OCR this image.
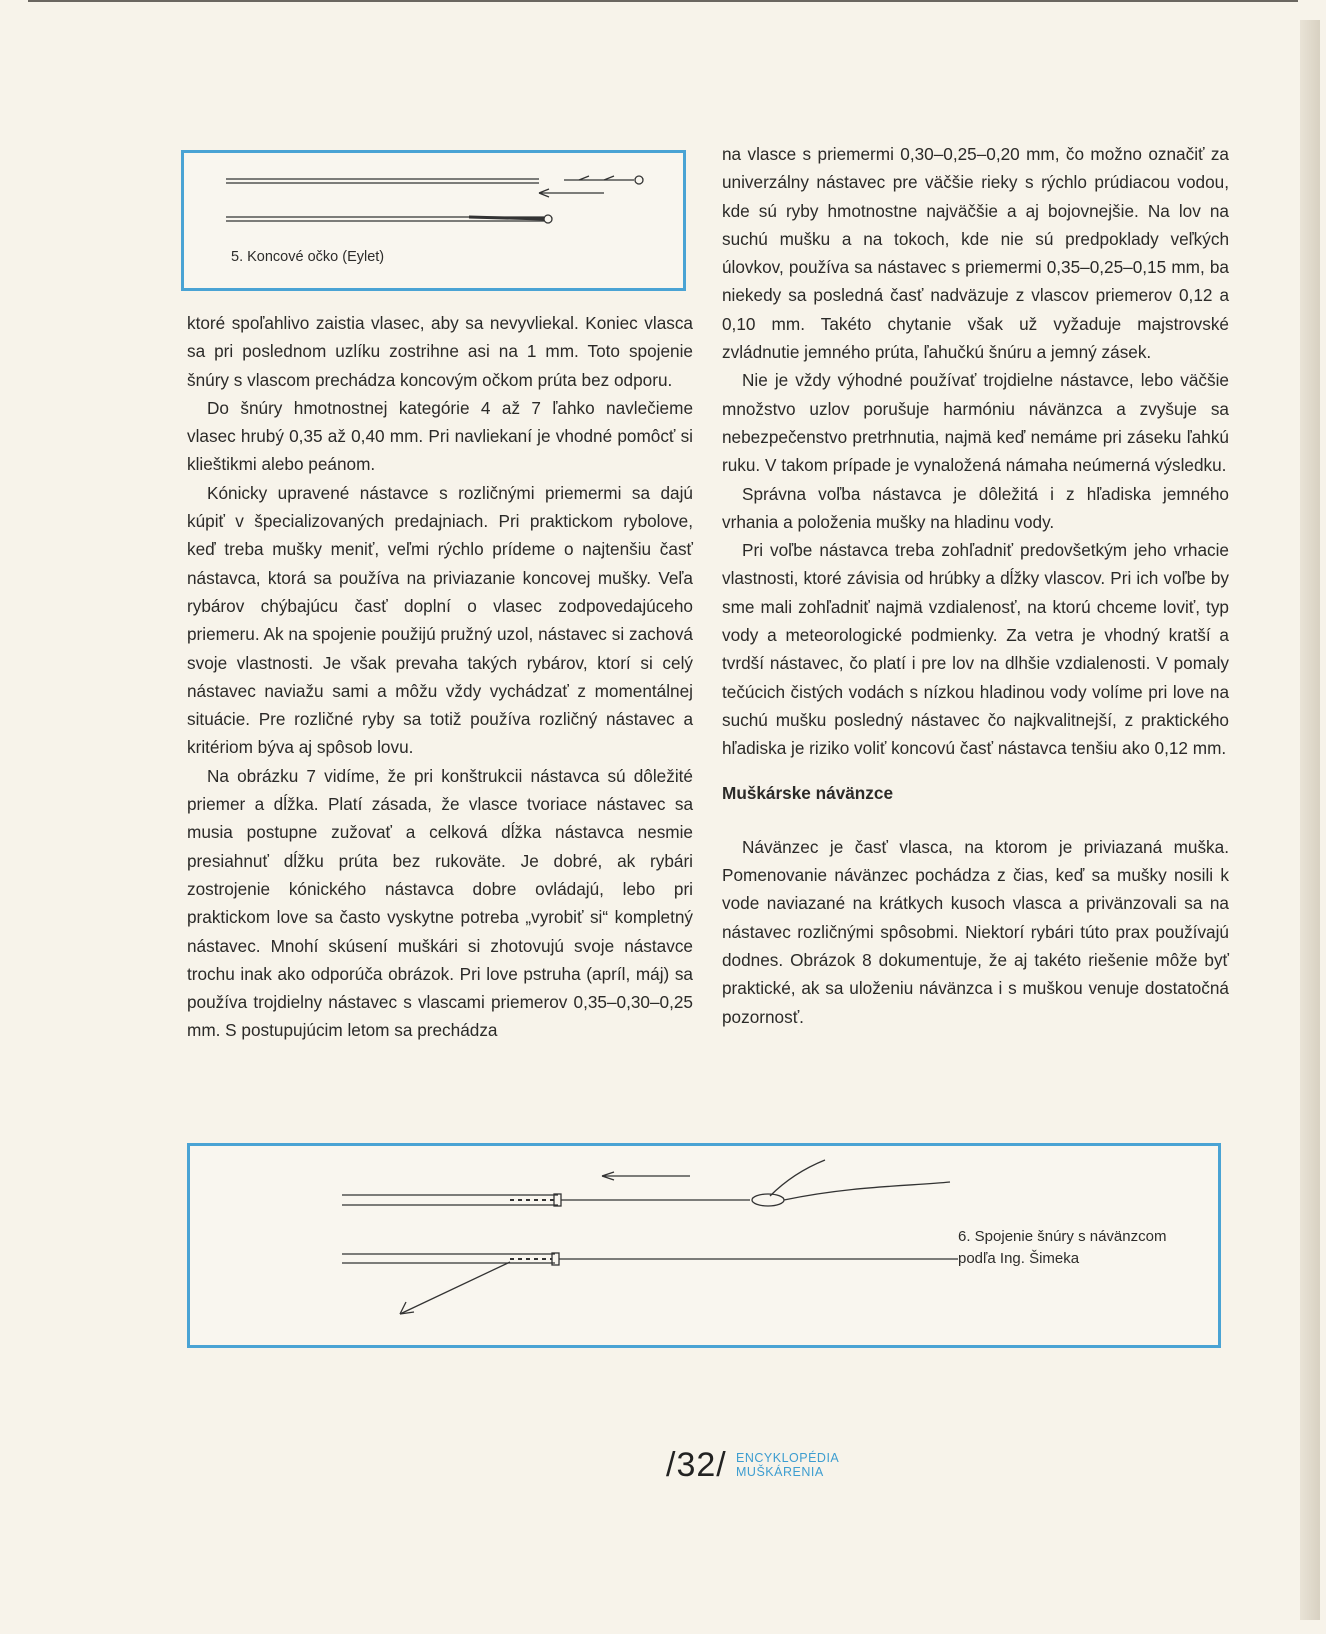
5. Koncové očko (Eylet)

ktoré spoľahlivo zaistia vlasec, aby sa nevyvliekal. Koniec vlasca sa pri poslednom uzlíku zostrihne asi na 1 mm. Toto spojenie šnúry s vlascom prechádza koncovým očkom prúta bez odporu.

Do šnúry hmotnostnej kategórie 4 až 7 ľahko navlečieme vlasec hrubý 0,35 až 0,40 mm. Pri navliekaní je vhodné pomôcť si klieštikmi alebo peánom.

Kónicky upravené nástavce s rozličnými priemermi sa dajú kúpiť v špecializovaných predajniach. Pri praktickom rybolove, keď treba mušky meniť, veľmi rýchlo prídeme o najtenšiu časť nástavca, ktorá sa používa na priviazanie koncovej mušky. Veľa rybárov chýbajúcu časť doplní o vlasec zodpovedajúceho priemeru. Ak na spojenie použijú pružný uzol, nástavec si zachová svoje vlastnosti. Je však prevaha takých rybárov, ktorí si celý nástavec naviažu sami a môžu vždy vychádzať z momentálnej situácie. Pre rozličné ryby sa totiž používa rozličný nástavec a kritériom býva aj spôsob lovu.

Na obrázku 7 vidíme, že pri konštrukcii nástavca sú dôležité priemer a dĺžka. Platí zásada, že vlasce tvoriace nástavec sa musia postupne zužovať a celková dĺžka nástavca nesmie presiahnuť dĺžku prúta bez rukoväte. Je dobré, ak rybári zostrojenie kónického nástavca dobre ovládajú, lebo pri praktickom love sa často vyskytne potreba „vyrobiť si“ kompletný nástavec. Mnohí skúsení muškári si zhotovujú svoje nástavce trochu inak ako odporúča obrázok. Pri love pstruha (apríl, máj) sa používa trojdielny nástavec s vlascami priemerov 0,35–0,30–0,25 mm. S postupujúcim letom sa prechádza

na vlasce s priemermi 0,30–0,25–0,20 mm, čo možno označiť za univerzálny nástavec pre väčšie rieky s rýchlo prúdiacou vodou, kde sú ryby hmotnostne najväčšie a aj bojovnejšie. Na lov na suchú mušku a na tokoch, kde nie sú predpoklady veľkých úlovkov, používa sa nástavec s priemermi 0,35–0,25–0,15 mm, ba niekedy sa posledná časť nadväzuje z vlascov priemerov 0,12 a 0,10 mm. Takéto chytanie však už vyžaduje majstrovské zvládnutie jemného prúta, ľahučkú šnúru a jemný zásek.

Nie je vždy výhodné používať trojdielne nástavce, lebo väčšie množstvo uzlov porušuje harmóniu návänzca a zvyšuje sa nebezpečenstvo pretrhnutia, najmä keď nemáme pri záseku ľahkú ruku. V takom prípade je vynaložená námaha neúmerná výsledku.

Správna voľba nástavca je dôležitá i z hľadiska jemného vrhania a položenia mušky na hladinu vody.

Pri voľbe nástavca treba zohľadniť predovšetkým jeho vrhacie vlastnosti, ktoré závisia od hrúbky a dĺžky vlascov. Pri ich voľbe by sme mali zohľadniť najmä vzdialenosť, na ktorú chceme loviť, typ vody a meteorologické podmienky. Za vetra je vhodný kratší a tvrdší nástavec, čo platí i pre lov na dlhšie vzdialenosti. V pomaly tečúcich čistých vodách s nízkou hladinou vody volíme pri love na suchú mušku posledný nástavec čo najkvalitnejší, z praktického hľadiska je riziko voliť koncovú časť nástavca tenšiu ako 0,12 mm.

Muškárske návänzce

Návänzec je časť vlasca, na ktorom je priviazaná muška. Pomenovanie návänzec pochádza z čias, keď sa mušky nosili k vode naviazané na krátkych kusoch vlasca a privänzovali sa na nástavec rozličnými spôsobmi. Niektorí rybári túto prax používajú dodnes. Obrázok 8 dokumentuje, že aj takéto riešenie môže byť praktické, ak sa uloženiu návänzca i s muškou venuje dostatočná pozornosť.

6. Spojenie šnúry s návänzcom
podľa Ing. Šimeka
/32/ ENCYKLOPÉDIA
MUŠKÁRENIA
